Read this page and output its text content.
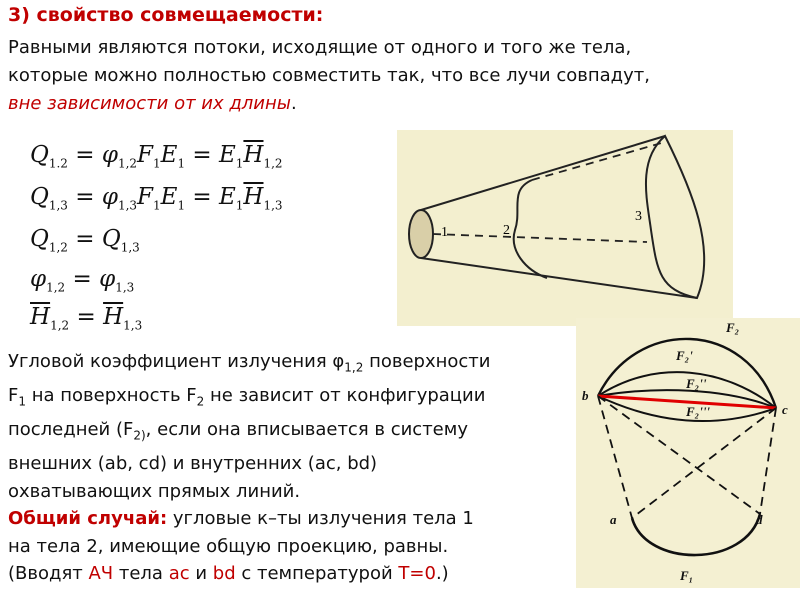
3) свойство совмещаемости:
Равными являются потоки, исходящие от одного и того же тела,
которые можно полностью совместить так, что все лучи совпадут,
вне зависимости от их длины.
$Q_{1.2} = \varphi_{1,2}F_1E_1 = E_1\overline{H}_{1,2}$
$Q_{1,3} = \varphi_{1,3}F_1E_1 = E_1\overline{H}_{1,3}$
$Q_{1,2} = Q_{1,3}$
$\varphi_{1,2} = \varphi_{1,3}$
$\overline{H}_{1,2} = \overline{H}_{1,3}$
1	2
3
Угловой коэффициент излучения $\varphi_{1,2}$ поверхности
$F_1$ на поверхность $F_2$ не зависит от конфигурации
последней ($F_{2)}$, если она вписывается в систему
внешних (ab, cd) и внутренних (ac, bd)
охватывающих прямых линий.
Общий случай: угловые к–ты излучения тела 1
на тела 2, имеющие общую проекцию, равны.
(Вводят АЧ тела ac и bd с температурой T=0.)
F₂
F₂'
F₂''
F₂'''
b
c
a	d
F₁
